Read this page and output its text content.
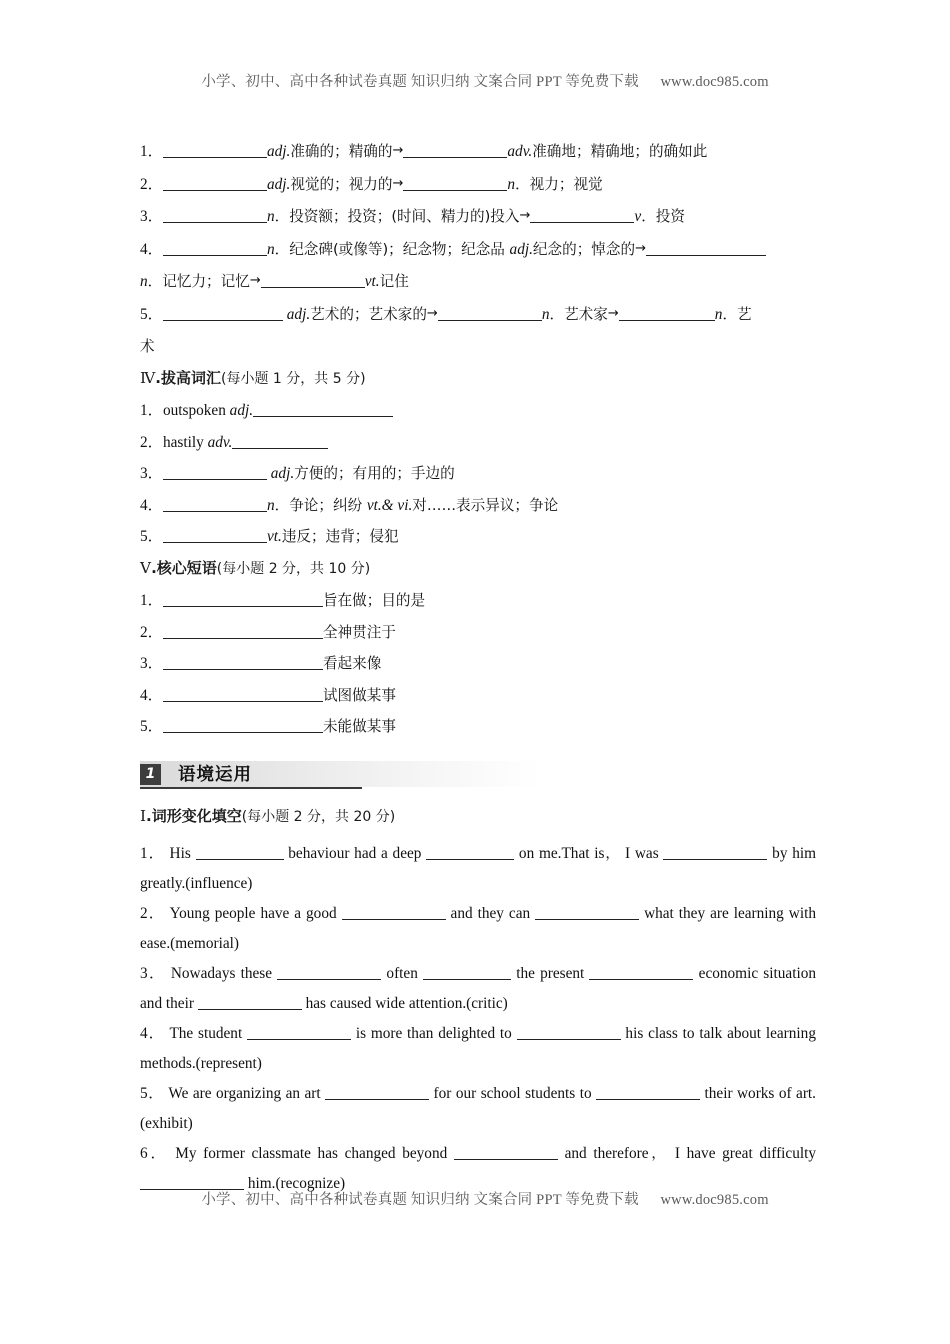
小学、初中、高中各种试卷真题 知识归纳 文案合同 PPT 等免费下载 www.doc985.com
1．	adj.准确的；精确的→	adv.准确地；精确地；的确如此
2．	adj.视觉的；视力的→	n．视力；视觉
3．	n．投资额；投资；(时间、精力的)投入→	v．投资
4．	n．纪念碑(或像等)；纪念物；纪念品 adj.纪念的；悼念的→
n．记忆力；记忆→	vt.记住
5．	adj.艺术的；艺术家的→	n．艺术家→	n．艺
术
Ⅳ.拔高词汇(每小题 1 分，共 5 分)
1．outspoken adj.
2．hastily adv.
3．	adj.方便的；有用的；手边的
4．	n．争论；纠纷 vt.& vi.对……表示异议；争论
5．	vt.违反；违背；侵犯
Ⅴ.核心短语(每小题 2 分，共 10 分)
1．	旨在做；目的是
2．	全神贯注于
3．	看起来像
4．	试图做某事
5．	未能做某事
1	语境运用
Ⅰ.词形变化填空(每小题 2 分，共 20 分)
1． His	behaviour had a deep	on me.That is， I was	by him greatly.(influence)
2． Young people have a good	and they can	what they are learning with ease.(memorial)
3． Nowadays these	often	the present	economic situation and their	has caused wide attention.(critic)
4． The student	is more than delighted to	his class to talk about learning methods.(represent)
5． We are organizing an art	for our school students to	their works of art.(exhibit)
6． My former classmate has changed beyond	and therefore， I have great difficulty  him.(recognize)
小学、初中、高中各种试卷真题 知识归纳 文案合同 PPT 等免费下载 www.doc985.com
